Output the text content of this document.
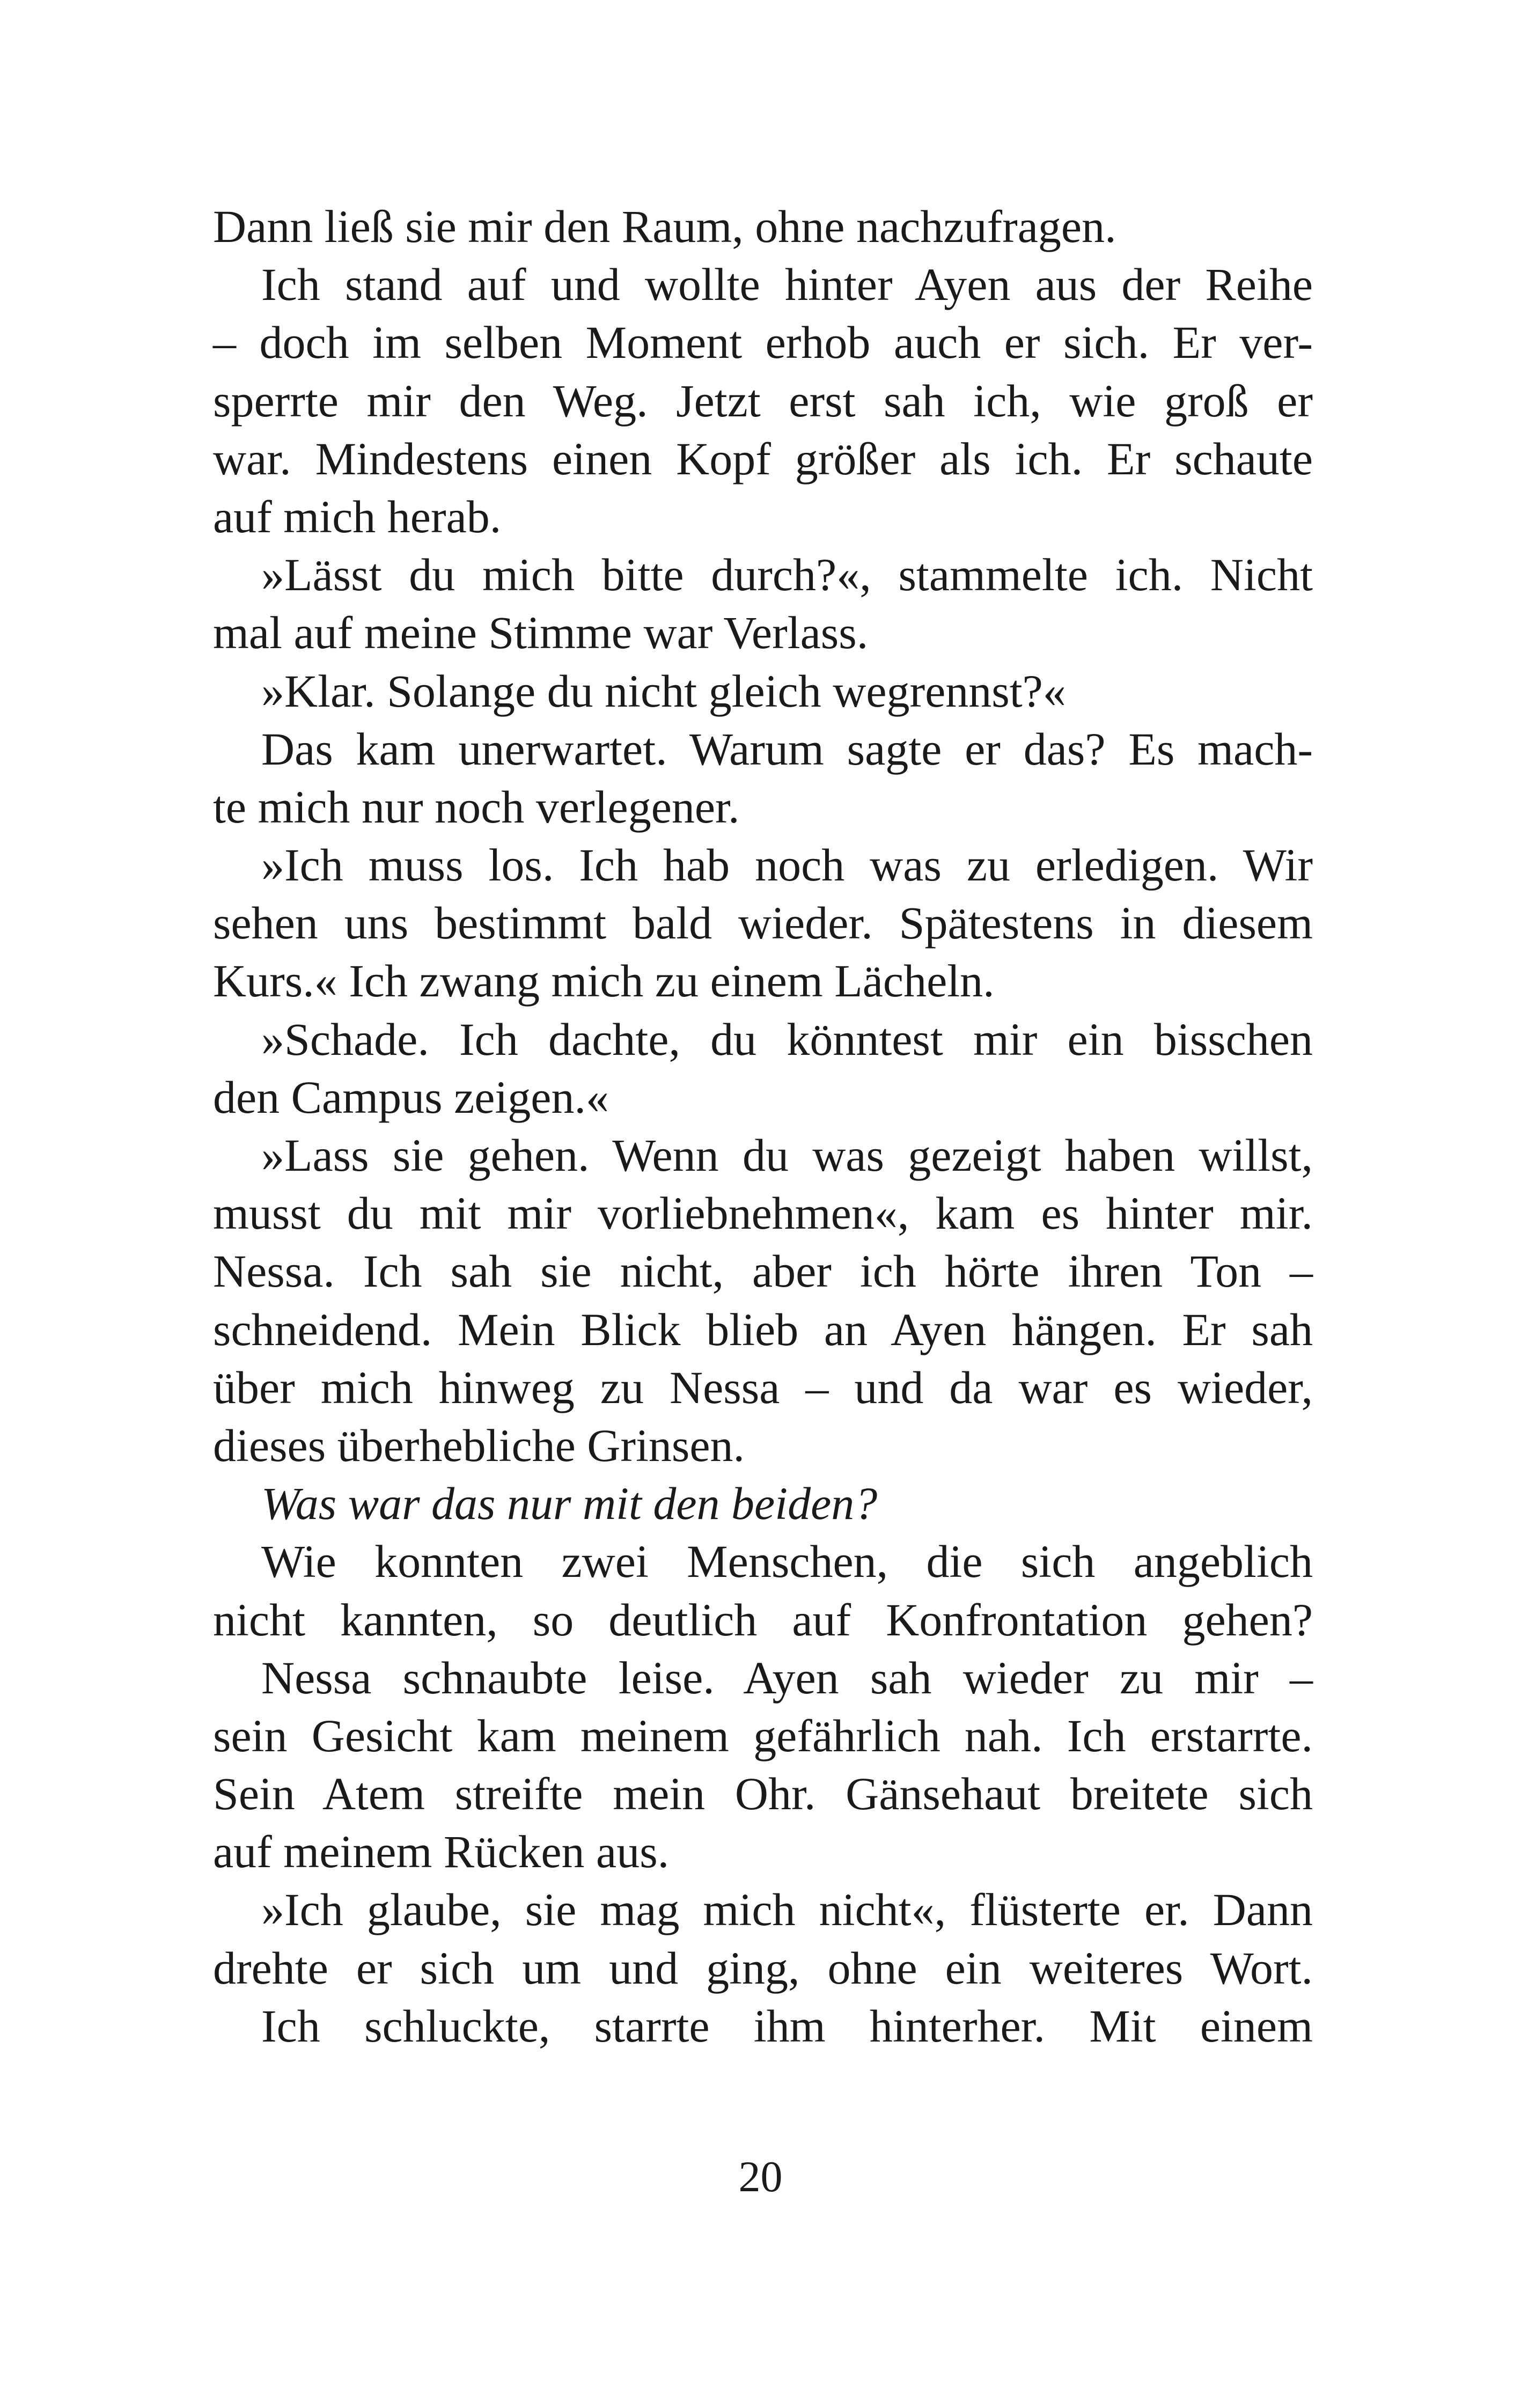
Dann ließ sie mir den Raum, ohne nachzufragen.
Ich stand auf und wollte hinter Ayen aus der Reihe
– doch im selben Moment erhob auch er sich. Er ver-
sperrte mir den Weg. Jetzt erst sah ich, wie groß er
war. Mindestens einen Kopf größer als ich. Er schaute
auf mich herab.
»Lässt du mich bitte durch?«, stammelte ich. Nicht
mal auf meine Stimme war Verlass.
»Klar. Solange du nicht gleich wegrennst?«
Das kam unerwartet. Warum sagte er das? Es mach-
te mich nur noch verlegener.
»Ich muss los. Ich hab noch was zu erledigen. Wir
sehen uns bestimmt bald wieder. Spätestens in diesem
Kurs.« Ich zwang mich zu einem Lächeln.
»Schade. Ich dachte, du könntest mir ein bisschen
den Campus zeigen.«
»Lass sie gehen. Wenn du was gezeigt haben willst,
musst du mit mir vorliebnehmen«, kam es hinter mir.
Nessa. Ich sah sie nicht, aber ich hörte ihren Ton –
schneidend. Mein Blick blieb an Ayen hängen. Er sah
über mich hinweg zu Nessa – und da war es wieder,
dieses überhebliche Grinsen.
Was war das nur mit den beiden?
Wie konnten zwei Menschen, die sich angeblich
nicht kannten, so deutlich auf Konfrontation gehen?
Nessa schnaubte leise. Ayen sah wieder zu mir –
sein Gesicht kam meinem gefährlich nah. Ich erstarrte.
Sein Atem streifte mein Ohr. Gänsehaut breitete sich
auf meinem Rücken aus.
»Ich glaube, sie mag mich nicht«, flüsterte er. Dann
drehte er sich um und ging, ohne ein weiteres Wort.
Ich schluckte, starrte ihm hinterher. Mit einem
20
